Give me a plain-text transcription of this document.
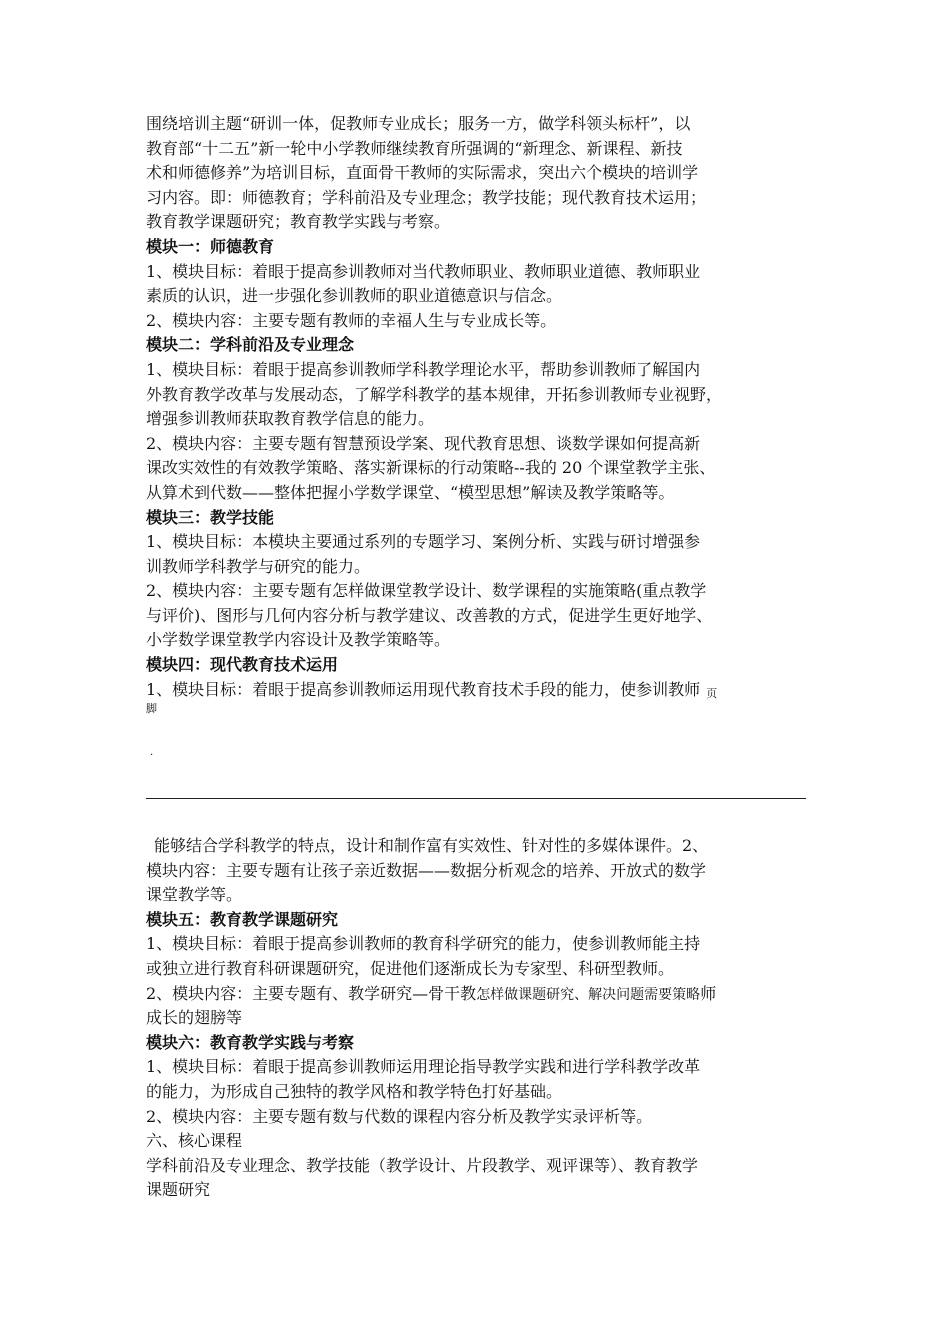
围绕培训主题“研训一体，促教师专业成长；服务一方，做学科领头标杆”，以
教育部“十二五”新一轮中小学教师继续教育所强调的“新理念、新课程、新技
术和师德修养”为培训目标，直面骨干教师的实际需求，突出六个模块的培训学
习内容。即：师德教育；学科前沿及专业理念；教学技能；现代教育技术运用；
教育教学课题研究；教育教学实践与考察。
模块一：师德教育
1、模块目标：着眼于提高参训教师对当代教师职业、教师职业道德、教师职业
素质的认识，进一步强化参训教师的职业道德意识与信念。
2、模块内容：主要专题有教师的幸福人生与专业成长等。
模块二：学科前沿及专业理念
1、模块目标：着眼于提高参训教师学科教学理论水平，帮助参训教师了解国内
外教育教学改革与发展动态，了解学科教学的基本规律，开拓参训教师专业视野，
增强参训教师获取教育教学信息的能力。
2、模块内容：主要专题有智慧预设学案、现代教育思想、谈数学课如何提高新
课改实效性的有效教学策略、落实新课标的行动策略--我的 20 个课堂教学主张、
从算术到代数——整体把握小学数学课堂、“模型思想”解读及教学策略等。
模块三：教学技能
1、模块目标：本模块主要通过系列的专题学习、案例分析、实践与研讨增强参
训教师学科教学与研究的能力。
2、模块内容：主要专题有怎样做课堂教学设计、数学课程的实施策略(重点教学
与评价)、图形与几何内容分析与教学建议、改善教的方式，促进学生更好地学、
小学数学课堂教学内容设计及教学策略等。
模块四：现代教育技术运用
1、模块目标：着眼于提高参训教师运用现代教育技术手段的能力，使参训教师 页
脚
.
能够结合学科教学的特点，设计和制作富有实效性、针对性的多媒体课件。2、
模块内容：主要专题有让孩子亲近数据——数据分析观念的培养、开放式的数学
课堂教学等。
模块五：教育教学课题研究
1、模块目标：着眼于提高参训教师的教育科学研究的能力，使参训教师能主持
或独立进行教育科研课题研究，促进他们逐渐成长为专家型、科研型教师。
2、模块内容：主要专题有、教学研究—骨干教怎样做课题研究、解决问题需要策略师
成长的翅膀等
模块六：教育教学实践与考察
1、模块目标：着眼于提高参训教师运用理论指导教学实践和进行学科教学改革
的能力，为形成自己独特的教学风格和教学特色打好基础。
2、模块内容：主要专题有数与代数的课程内容分析及教学实录评析等。
六、核心课程
学科前沿及专业理念、教学技能（教学设计、片段教学、观评课等）、教育教学
课题研究
